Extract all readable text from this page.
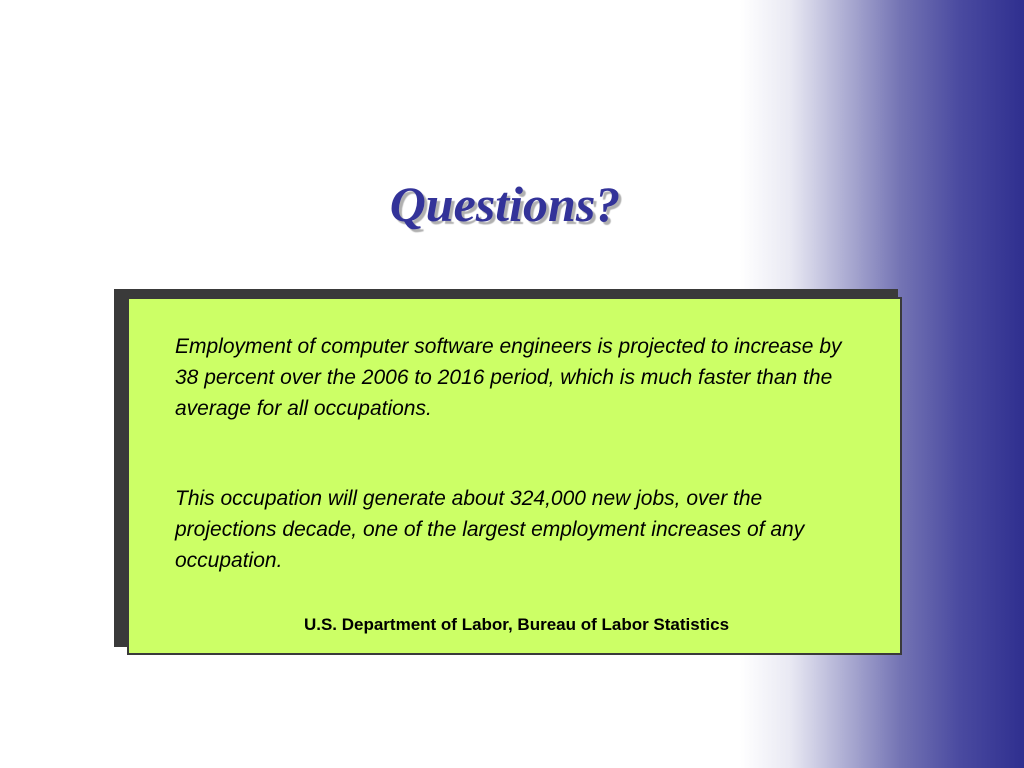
Questions?

Employment of computer software engineers is projected to increase by 38 percent over the 2006 to 2016 period, which is much faster than the average for all occupations.

This occupation will generate about 324,000 new jobs, over the projections decade, one of the largest employment increases of any occupation.

U.S. Department of Labor, Bureau of Labor Statistics
